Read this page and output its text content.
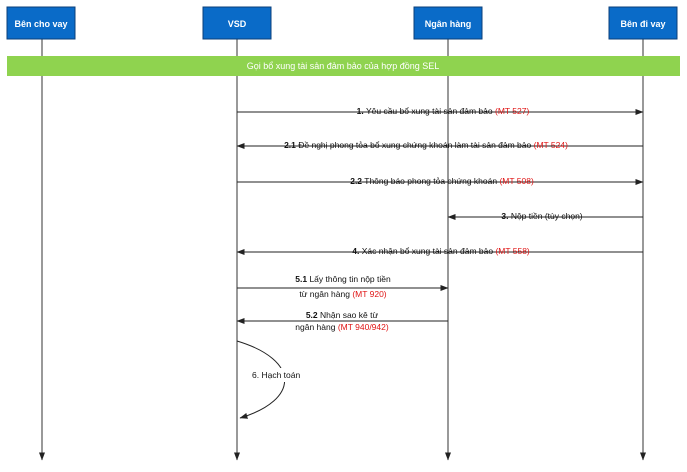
Bên cho vay	VSD	Ngân hàng	Bên đi vay
Gọi bổ xung tài sản đảm bảo của hợp đồng SEL
1. Yêu cầu bổ xung tài sản đảm bảo (MT 527)
2.1 Đề nghị phong tỏa bổ xung chứng khoán làm tài sản đảm bảo (MT 524)
2.2 Thông báo phong tỏa chứng khoán (MT 508)
3. Nộp tiền (tùy chọn)
4. Xác nhận bổ xung tài sản đảm bảo (MT 558)
5.1 Lấy thông tin nộp tiền
từ ngân hàng (MT 920)
5.2 Nhận sao kê từ
ngân hàng (MT 940/942)
6. Hạch toán
